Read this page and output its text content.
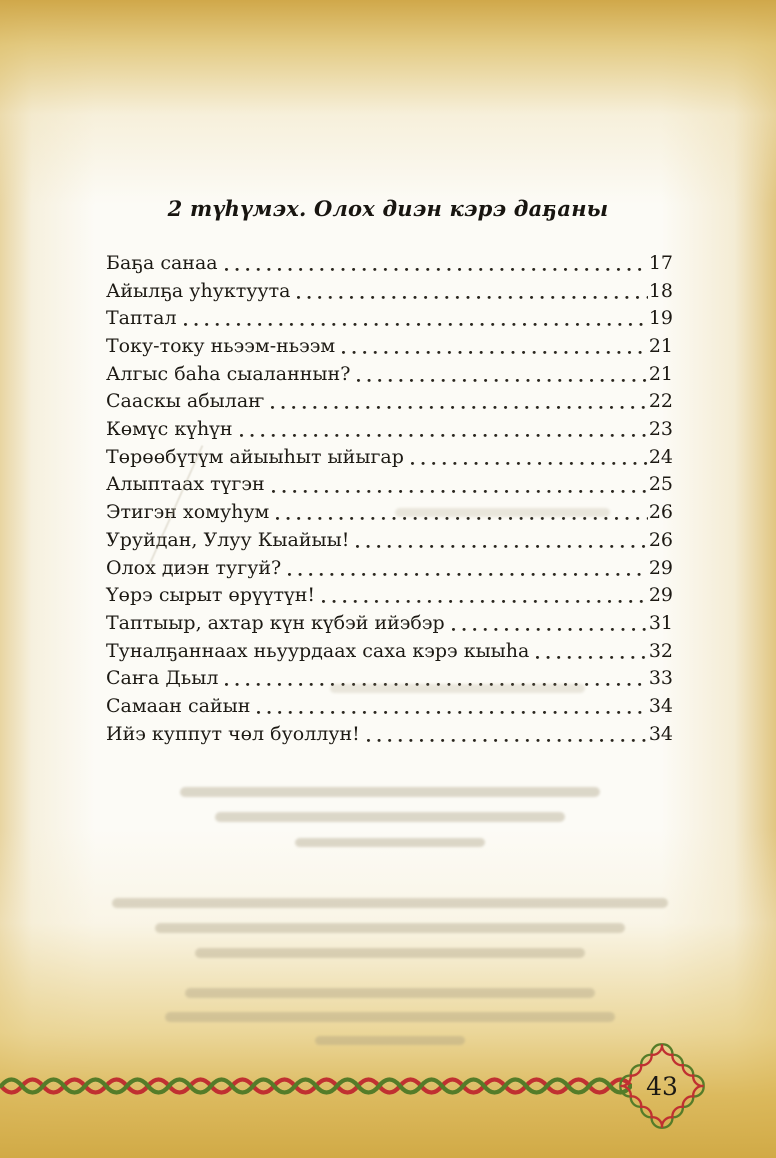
2 түһүмэх. Олох диэн кэрэ даҕаны
Баҕа санаа	17
Айылҕа уһуктуута	18
Таптал	19
Току-току ньээм-ньээм	21
Алгыс баһа сыаланнын?	21
Сааскы абылаҥ	22
Көмүс күһүн	23
Төрөөбүтүм айыыһыт ыйыгар	24
Алыптаах түгэн	25
Этигэн хомуһум	26
Уруйдан, Улуу Кыайыы!	26
Олох диэн тугуй?	29
Үөрэ сырыт өрүүтүн!	29
Таптыыр, ахтар күн күбэй ийэбэр	31
Туналҕаннаах ньуурдаах саха кэрэ кыыһа	32
Саҥа Дьыл	33
Самаан сайын	34
Ийэ куппут чөл буоллун!	34
43
